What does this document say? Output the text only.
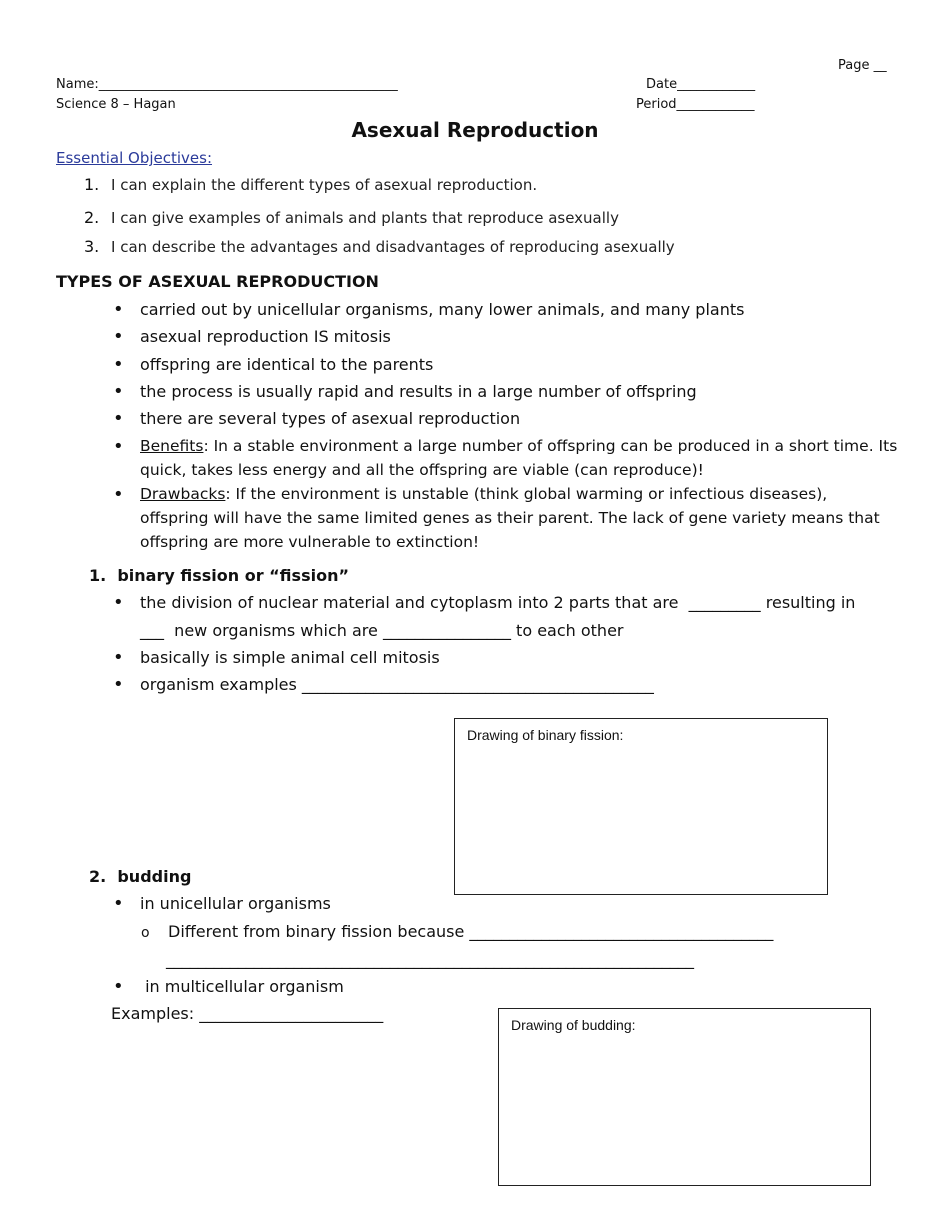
Page __
Name:______________________________________________	Date____________
Science 8 – Hagan	Period____________
Asexual Reproduction
Essential Objectives:
1. I can explain the different types of asexual reproduction.
2. I can give examples of animals and plants that reproduce asexually
3. I can describe the advantages and disadvantages of reproducing asexually
TYPES OF ASEXUAL REPRODUCTION
• carried out by unicellular organisms, many lower animals, and many plants
• asexual reproduction IS mitosis
• offspring are identical to the parents
• the process is usually rapid and results in a large number of offspring
• there are several types of asexual reproduction
• Benefits: In a stable environment a large number of offspring can be produced in a short time. Its quick, takes less energy and all the offspring are viable (can reproduce)!
• Drawbacks: If the environment is unstable (think global warming or infectious diseases), offspring will have the same limited genes as their parent. The lack of gene variety means that offspring are more vulnerable to extinction!
1.  binary fission or “fission”
• the division of nuclear material and cytoplasm into 2 parts that are  _________ resulting in
___  new organisms which are ________________ to each other
• basically is simple animal cell mitosis
• organism examples ____________________________________________
Drawing of binary fission:
2.  budding
• in unicellular organisms
o Different from binary fission because ______________________________________
__________________________________________________________________
• in multicellular organism
Examples: _______________________
Drawing of budding:
